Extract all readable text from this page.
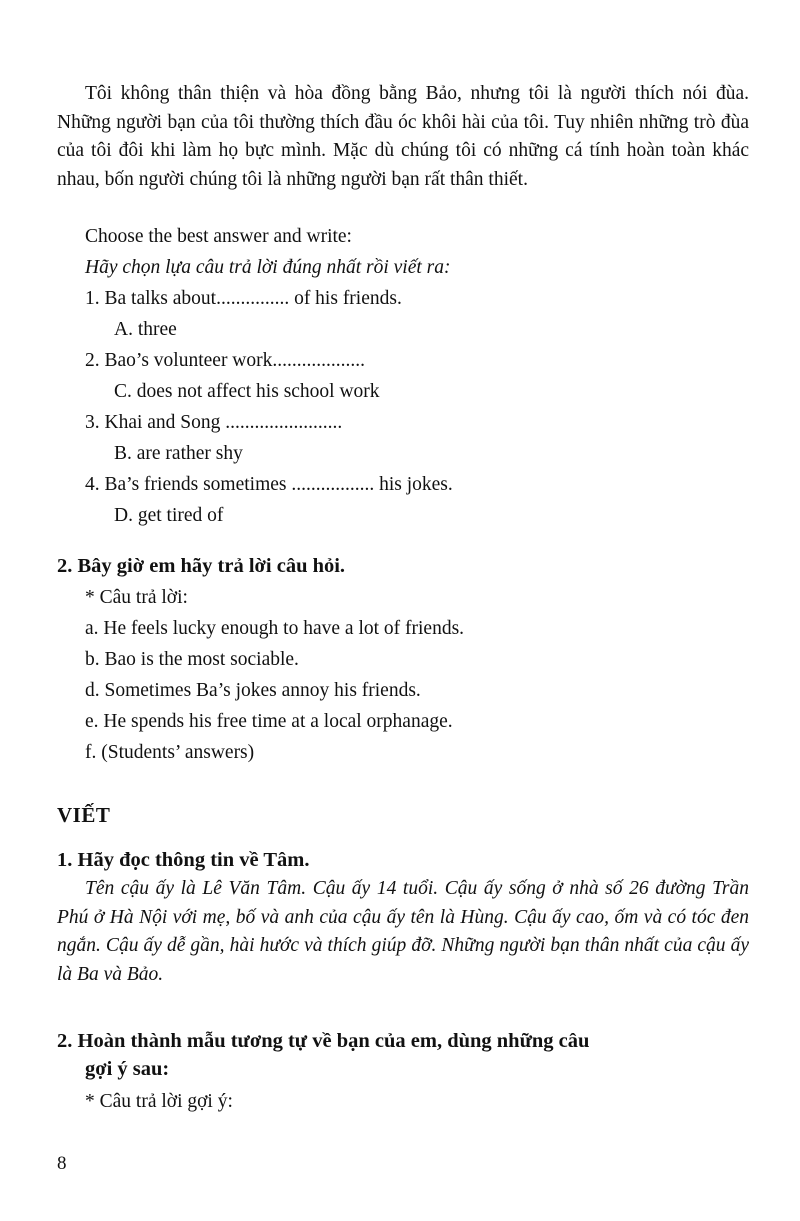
Tôi không thân thiện và hòa đồng bằng Bảo, nhưng tôi là người thích nói đùa. Những người bạn của tôi thường thích đầu óc khôi hài của tôi. Tuy nhiên những trò đùa của tôi đôi khi làm họ bực mình. Mặc dù chúng tôi có những cá tính hoàn toàn khác nhau, bốn người chúng tôi là những người bạn rất thân thiết.

Choose the best answer and write:

Hãy chọn lựa câu trả lời đúng nhất rồi viết ra:

1. Ba talks about............... of his friends.

A. three

2. Bao’s volunteer work...................

C. does not affect his school work

3. Khai and Song ........................

B. are rather shy

4. Ba’s friends sometimes ................. his jokes.

D. get tired of

2. Bây giờ em hãy trả lời câu hỏi.

* Câu trả lời:

a. He feels lucky enough to have a lot of friends.

b. Bao is the most sociable.

d. Sometimes Ba’s jokes annoy his friends.

e. He spends his free time at a local orphanage.

f. (Students’ answers)

VIẾT

1. Hãy đọc thông tin về Tâm.

Tên cậu ấy là Lê Văn Tâm. Cậu ấy 14 tuổi. Cậu ấy sống ở nhà số 26 đường Trần Phú ở Hà Nội với mẹ, bố và anh của cậu ấy tên là Hùng. Cậu ấy cao, ốm và có tóc đen ngắn. Cậu ấy dễ gần, hài hước và thích giúp đỡ. Những người bạn thân nhất của cậu ấy là Ba và Bảo.

2. Hoàn thành mẫu tương tự về bạn của em, dùng những câu
gợi ý sau:

* Câu trả lời gợi ý:

8
